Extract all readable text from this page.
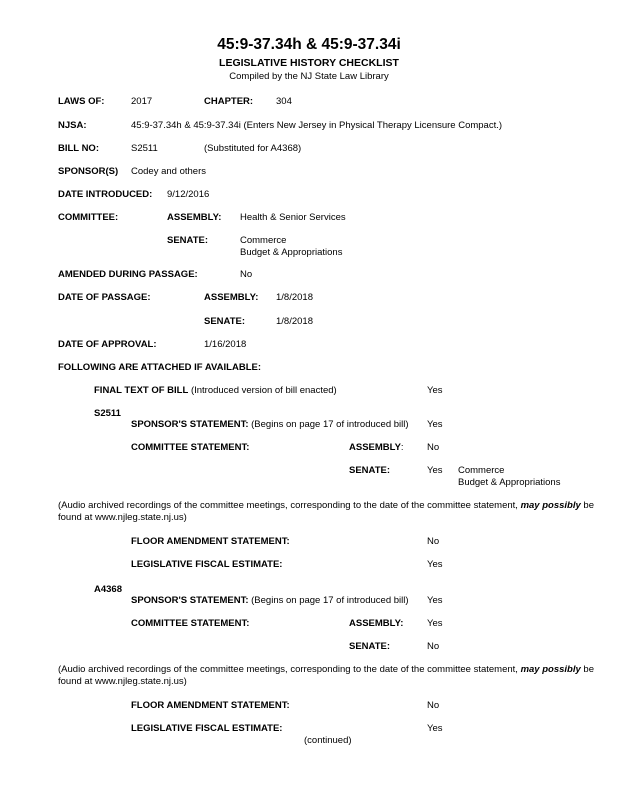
45:9-37.34h & 45:9-37.34i
LEGISLATIVE HISTORY CHECKLIST
Compiled by the NJ State Law Library
LAWS OF:	2017	CHAPTER: 304
NJSA:	45:9-37.34h & 45:9-37.34i (Enters New Jersey in Physical Therapy Licensure Compact.)
BILL NO:	S2511	(Substituted for A4368)
SPONSOR(S) Codey and others
DATE INTRODUCED: 9/12/2016
COMMITTEE:	ASSEMBLY: Health & Senior Services
SENATE:	Commerce
Budget & Appropriations
AMENDED DURING PASSAGE:	No
DATE OF PASSAGE:	ASSEMBLY: 1/8/2018
SENATE:	1/8/2018
DATE OF APPROVAL:	1/16/2018
FOLLOWING ARE ATTACHED IF AVAILABLE:
FINAL TEXT OF BILL (Introduced version of bill enacted)	Yes
S2511
SPONSOR'S STATEMENT: (Begins on page 17 of introduced bill) Yes
COMMITTEE STATEMENT:	ASSEMBLY: No
SENATE:	Yes Commerce
Budget & Appropriations
(Audio archived recordings of the committee meetings, corresponding to the date of the committee statement, may possibly be found at www.njleg.state.nj.us)
FLOOR AMENDMENT STATEMENT:	No
LEGISLATIVE FISCAL ESTIMATE:	Yes
A4368
SPONSOR'S STATEMENT: (Begins on page 17 of introduced bill) Yes
COMMITTEE STATEMENT:	ASSEMBLY: Yes
SENATE:	No
(Audio archived recordings of the committee meetings, corresponding to the date of the committee statement, may possibly be found at www.njleg.state.nj.us)
FLOOR AMENDMENT STATEMENT:	No
LEGISLATIVE FISCAL ESTIMATE:	Yes
(continued)
